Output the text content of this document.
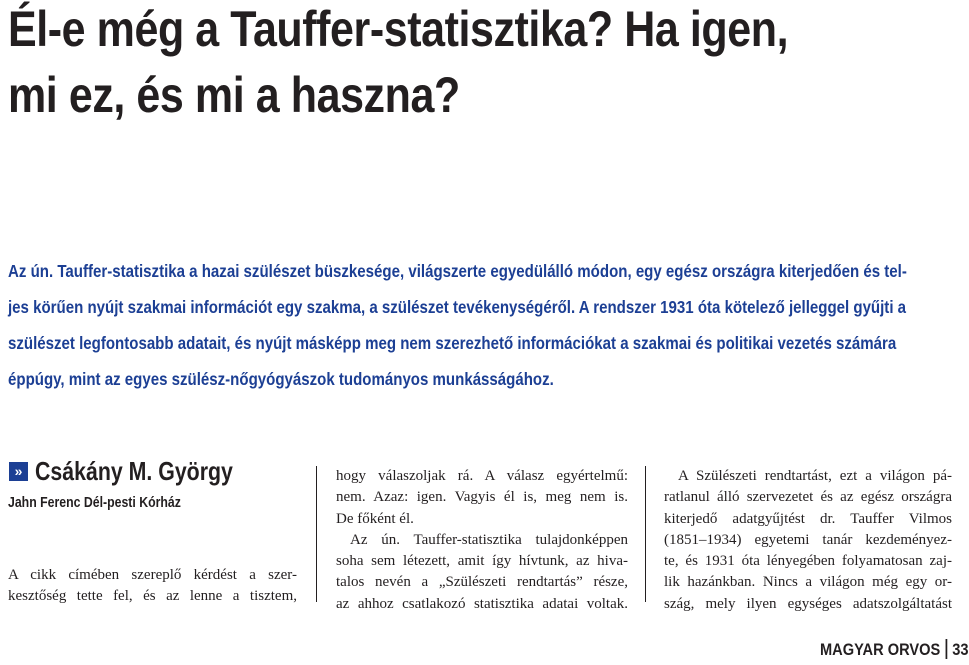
Él-e még a Tauffer-statisztika? Ha igen,
mi ez, és mi a haszna?

Az ún. Tauffer-statisztika a hazai szülészet büszkesége, világszerte egyedülálló módon, egy egész országra kiterjedően és tel-
jes körűen nyújt szakmai információt egy szakma, a szülészet tevékenységéről. A rendszer 1931 óta kötelező jelleggel gyűjti a
szülészet legfontosabb adatait, és nyújt másképp meg nem szerezhető információkat a szakmai és politikai vezetés számára
éppúgy, mint az egyes szülész-nőgyógyászok tudományos munkásságához.

» Csákány M. György

Jahn Ferenc Dél-pesti Kórház

A cikk címében szereplő kérdést a szer-
kesztőség tette fel, és az lenne a tisztem,
hogy válaszoljak rá. A válasz egyértelmű:
nem. Azaz: igen. Vagyis él is, meg nem is.
De főként él.
Az ún. Tauffer-statisztika tulajdonképpen
soha sem létezett, amit így hívtunk, az hiva-
talos nevén a „Szülészeti rendtartás” része,
az ahhoz csatlakozó statisztika adatai voltak.
A Szülészeti rendtartást, ezt a világon pá-
ratlanul álló szervezetet és az egész országra
kiterjedő adatgyűjtést dr. Tauffer Vilmos
(1851–1934) egyetemi tanár kezdeményez-
te, és 1931 óta lényegében folyamatosan zaj-
lik hazánkban. Nincs a világon még egy or-
szág, mely ilyen egységes adatszolgáltatást
MAGYAR ORVOS 33
